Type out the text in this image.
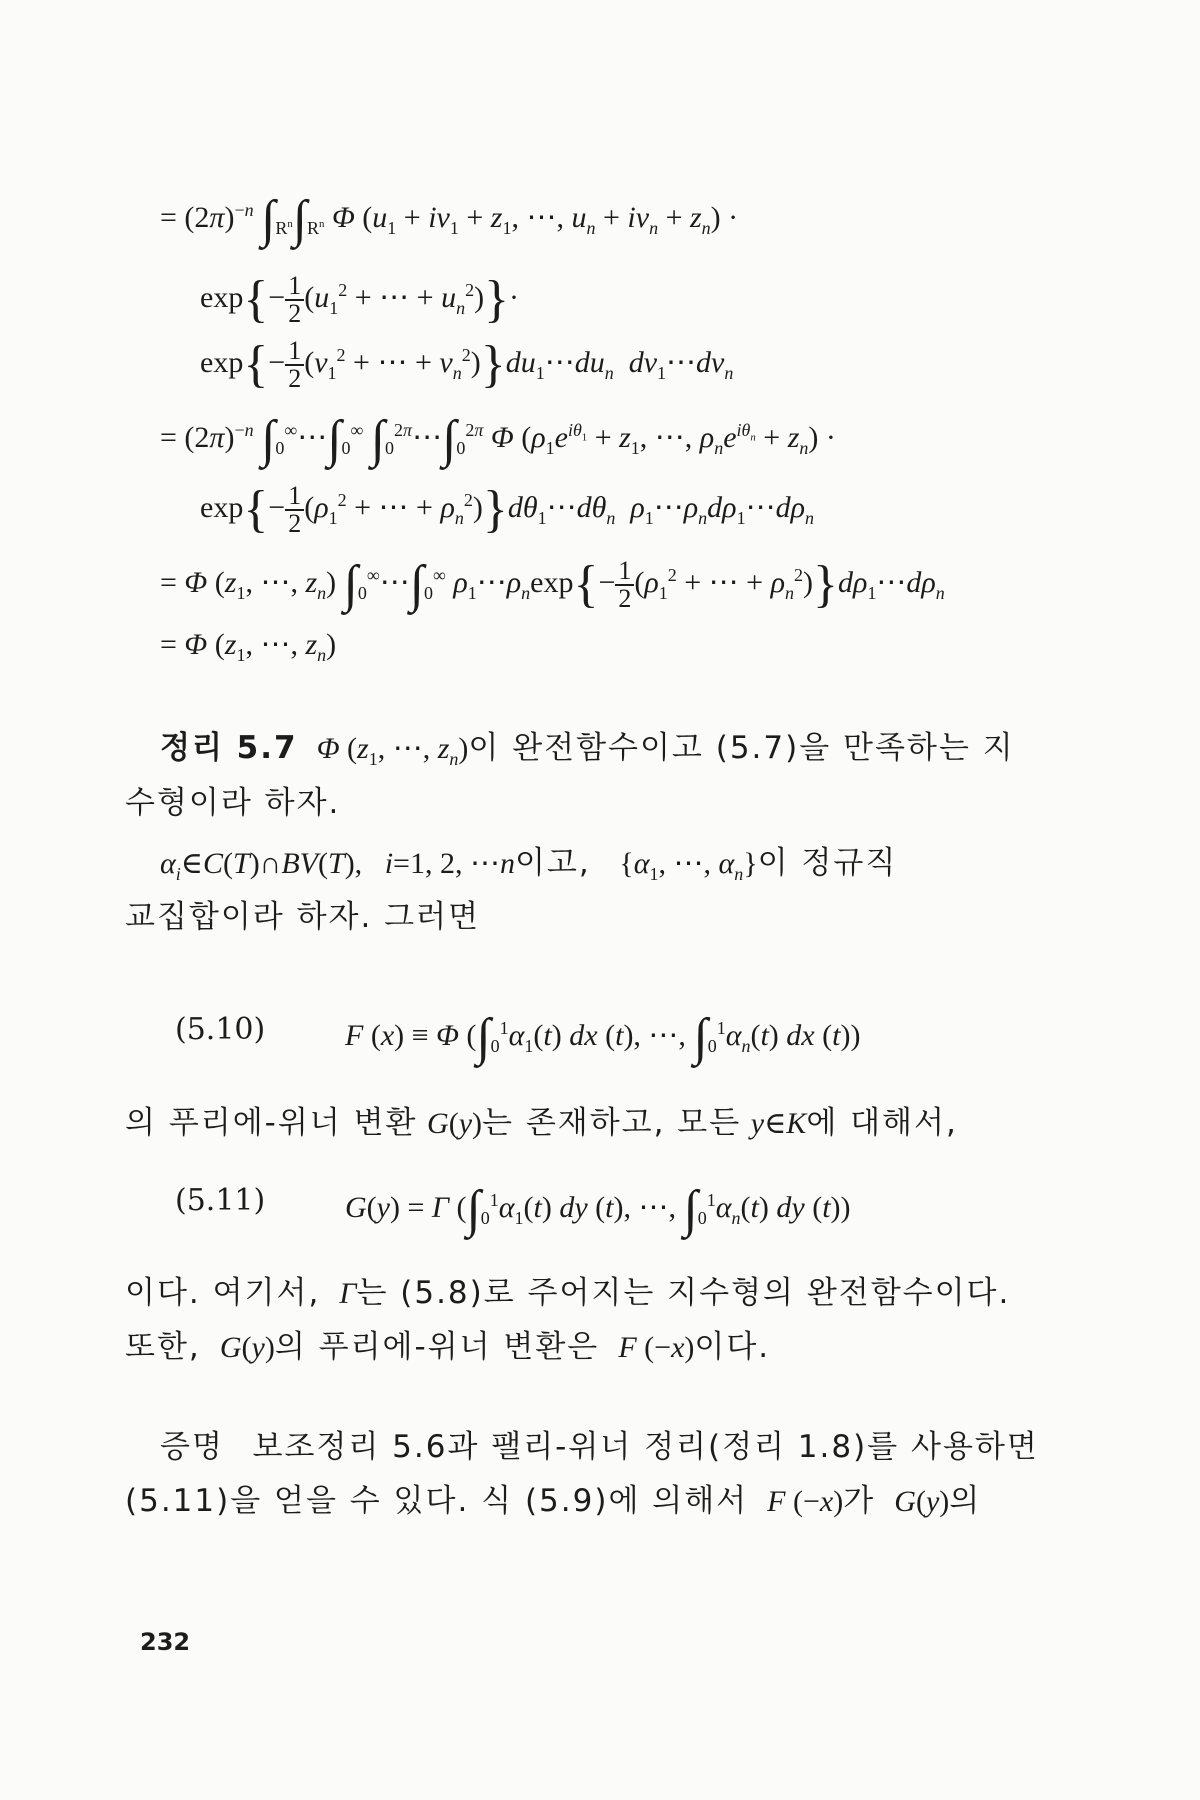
= $(2\pi)^{-n}$ $\int R^n\int R^n$ Φ ($u_1 + iv_1 + z_1$, ⋯, $u_n + iv_n + z_n$) ·
$\exp\{- \frac{1}{2} (u_1^2$ + ⋯ + $u_n^2)\}\cdot$
$\exp\{- \frac{1}{2} (v_1^2$ + ⋯ + $v_n^2)\}du_1\cdots du_n$ $dv_1\cdots dv_n$
= $(2\pi)^{-n}$ ∫0∞⋯∫0∞ $\int 0^{2\pi}\cdots\int 0^{2\pi}$ Φ ($\rho_1e^{i\theta_1} + z_1$, ⋯, $\rho_ne^{i\theta_n} + z_n$) ·
$\exp\{- \frac{1}{2} (\rho_1^2$ + ⋯ + $\rho_n^2)\}d\theta_1\cdots d\theta_n$ $\rho_1\cdots\rho_nd\rho_1\cdots d\rho_n$
= Φ ($z_1$, ⋯, $z_n$) ∫0∞⋯∫0∞ $\rho_1\cdots\rho_n\exp\{- \frac{1}{2} (\rho_1^2$ + ⋯ + $\rho_n^2)\}d\rho_1\cdots d\rho_n$
= Φ ($z_1$, ⋯, $z_n$)
정리 5.7 Φ ($z_1$, ⋯, $z_n$)이 완전함수이고 (5.7)을 만족하는 지
수형이라 하자.
$\alpha_i\in C(T)\cap BV(T)$,   i=1, 2, ⋯n이고, {$\alpha_1$, ⋯, $\alpha_n$}이 정규직
교집합이라 하자. 그러면
(5.10)	F (x) ≡ Φ ($\int 0^1\alpha_1(t)$ dx (t), ⋯, $\int 0^1\alpha_n(t)$ dx (t))
의 푸리에-위너 변환 G(y)는 존재하고, 모든 y∈K에 대해서,
(5.11)	G(y) = Γ ($\int 0^1\alpha_1(t)$ dy (t), ⋯, $\int 0^1\alpha_n(t)$ dy (t))
이다. 여기서, Γ는 (5.8)로 주어지는 지수형의 완전함수이다.
또한, G(y)의 푸리에-위너 변환은 F (−x)이다.
증명 보조정리 5.6과 팰리-위너 정리(정리 1.8)를 사용하면
(5.11)을 얻을 수 있다. 식 (5.9)에 의해서 F (−x)가 G(y)의
232
